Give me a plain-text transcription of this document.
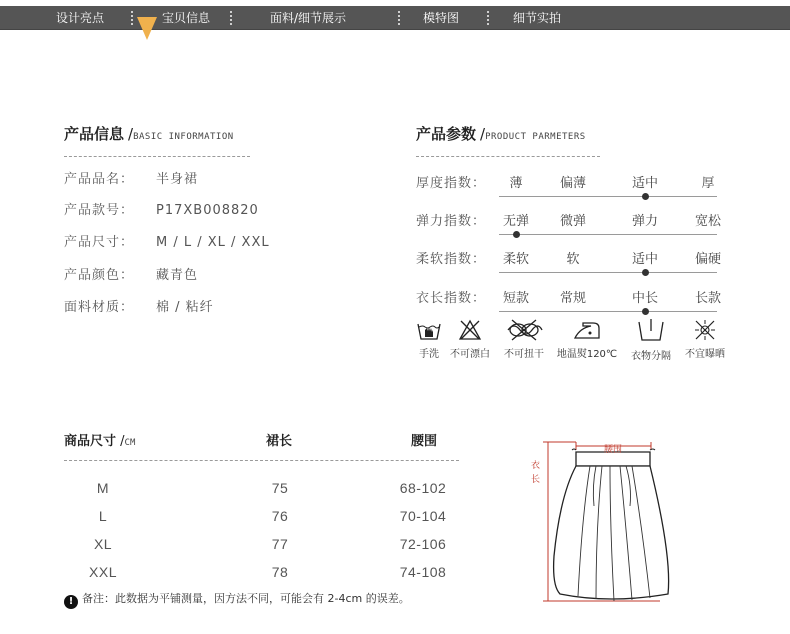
设计亮点	宝贝信息	面料/细节展示	模特图	细节实拍
产品信息 /BASIC INFORMATION
产品品名： 半身裙
产品款号： P17XB008820
产品尺寸： M / L / XL / XXL
产品颜色： 藏青色
面料材质： 棉 / 粘纤
产品参数 /PRODUCT PARMETERS
厚度指数：	薄	偏薄	适中	厚
弹力指数：	无弹	微弹	弹力	宽松
柔软指数：	柔软	软	适中	偏硬
衣长指数：	短款	常规	中长	长款
手洗	不可漂白	不可扭干	地温熨120℃	衣物分隔	不宜曝晒
商品尺寸 /CM	裙长	腰围
M	75	68-102
L	76	70-104
XL	77	72-106
XXL	78	74-108
! 备注：此数据为平铺测量，因方法不同，可能会有 2-4cm 的误差。
腰围
衣
长
